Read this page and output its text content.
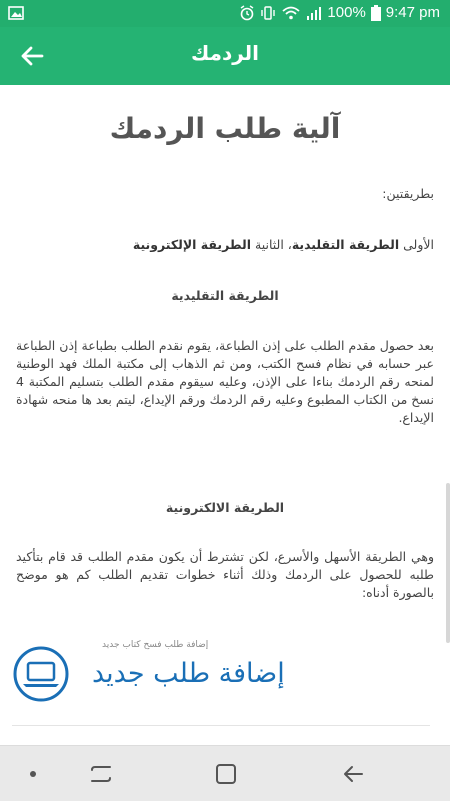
100% 9:47 pm
الردمك
آلية طلب الردمك
بطريقتين:
الأولى الطريقة التقليدية، الثانية الطريقة الإلكترونية
الطريقة التقليدية
بعد حصول مقدم الطلب على إذن الطباعة، يقوم نقدم الطلب بطباعة إذن الطباعة عبر حسابه في نظام فسح الكتب، ومن ثم الذهاب إلى مكتبة الملك فهد الوطنية لمنحه رقم الردمك بناءا على الإذن، وعليه سيقوم مقدم الطلب بتسليم المكتبة 4 نسخ من الكتاب المطبوع وعليه رقم الردمك ورقم الإيداع، ليتم بعد ها منحه شهادة الإيداع.
الطريقة الالكترونية
وهي الطريقة الأسهل والأسرع، لكن تشترط أن يكون مقدم الطلب قد قام بتأكيد طلبه للحصول على الردمك وذلك أثناء خطوات تقديم الطلب كم هو موضح بالصورة أدناه:
إضافة طلب فسح كتاب جديد
إضافة طلب جديد
